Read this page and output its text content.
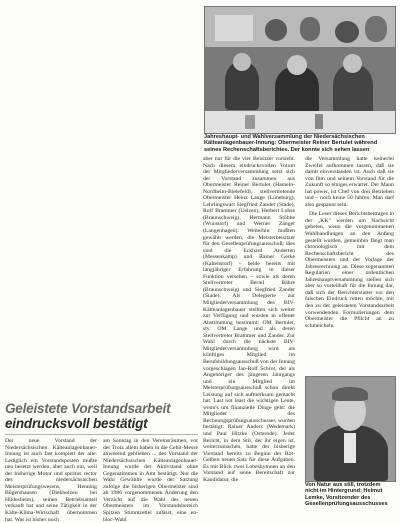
Jahreshaupt- und Wahlversammlung der Niedersächsischen Kälteanlagenbauer-Innung: Obermeister Reiner Bertulet während seines Rechenschaftsberichtes. Der konnte sich sehen lassen

aber nur für die vier Beisitzer vorsieht. Nach diesem eindrucksvollen Votum der Mitgliederversammlung setzt sich der Vorstand zusammen aus Obermeister Reiner Bertulet (Hameln-Nordheim-Bielefeld), stellvertretende Obermeister Heinz Lange (Lüneburg), Lehrlingswart Siegfried Zander (Stade), Rolf Brammer (Uelzen), Herbert Lohse (Braunschweig), Hermann Stöbbe (Wunstorf) und Werner Zänger (Langenhagen). Weiterhin mußten gewählt werden, die Meisterbeisitzer für den Gesellenprüfungsausschuß; dies sind die Eckhard Anderten (Messenkamp) und Rainer Gerke (Kaltenstorf) – beide bereits mit langjähriger Erfahrung in dieser Funktion versehen – sowie als deren Stellvertreter Bernd Bähre (Braunschweig) und Siegfried Zander (Stade). Als Delegierte zur Mitgliederversammlung des BIV-Kälteanlagenbauer stellten sich weiter zur Verfügung und wurden in offener Abstimmung bestimmt: OM Bertulet, stv. OM Lange und als deren Stellvertreter Brammer und Zander. Zur Wahl durch die nächste BIV-Mitgliederversammlung wird als künftiges Mitglied im Berufsbildungsausschuß von der Innung vorgeschlagen Jan-Rolf Schrot, der als Angehöriger des jüngeren Jahrgangs und ein Mitglied im Meisterprüfungsausschuß schon direkt Leistung auf sich aufmerksam gemacht hat. Last not least die wichtigen Leute, wenn's um finanzielle Dinge geht: die Mitglieder des Rechnungsprüfungsausschusses wurden bestätigt: Rainer Anders (Wedemark) und Paul Hitzke (Osterode). Jeder Bericht, in dem Stil, der ihr eigen ist, weiterzumachen, hatte der bisherige Vorstand bereits zu Beginn der Rot-Gelben neuen Satz für diese Aufgaben. Es mit Blick zwei Lobeshymnen an den Vorstand auf seine Bereitschaft zur Kandidatur, die

die Versammlung hatte keinerlei Zweifel aufkommen lassen, daß sie damit einverstanden ist. Auch daß sie von Ihm und seinem Vorstand für die Zukunft so einiges erwartet. Der Mann hat power, ist Chef von drei Betrieben und – noch keine 50 Jahren. Man darf also gespannt sein.

Die Leser dieses Berichtsbeitrages in der „KK" werden um Nachsicht gebeten, wenn die vorgenommenen Wahlhandlungen an den Anfang gestellt wurden, gemeinhin fängt man chronologisch mit dem Rechenschaftsbericht des Obermeisters und der Vorlage der Jahresrechnung an. Diese sogenannten Regularien einer ordentlichen Jahreshauptversammlung stellen sich aber so vorteilhaft für die Innung dar, daß sich der Berichterstatter vor den falschen Eindruck retten möchte, mit den zu der geleisteten Vorstandsarbeit vorwendenden Formulierungen dem Obermeister die Pflicht an zu schmeicheln.

Von Natur aus still, trotzdem nicht im Hintergrund: Helmut Lemke, Vorsitzender des Gesellenprüfungsausschusses
Geleistete Vorstandsarbeit
eindrucksvoll bestätigt

Der neue Vorstand der Niedersächsischen Kälteanlagenbauer-Innung ist auch fast komplett der alte. Lediglich ein Vorstandsposten mußte neu besetzt werden, aber auch nur, weil der bisherige Motor und spiritus rector des niedersächsischen Meisterprüfungswesens, Henning Bögershausen (Diekholzen bei Hildesheim), seinen Betriebsanteil verkauft hat und seine Tätigkeit in der Kälte-Klima-Wirtschaft übernommen hat. Was ist bisher noch

am Sonntag in den Vereinsräumen, vor der Trotz allem haben in die Cebit-Messe anwesend geblieben ... des Vorstand der Niedersächsischen Kälteanlagenbauer-Innung wurde der Aktivstand ohne Gegenstimmen in Amt bestätigt. Nur die Wahl Gewählte wurde der Satzung zufolge die bisherigen Obermeister sind ab 1986 vorgenommenen Änderung den Verzicht auf die Wahl des neuen Obermeisters im Vorstandsbereich Spitzen Stimmzettel zulässt, eine en-bloc-Wahl
